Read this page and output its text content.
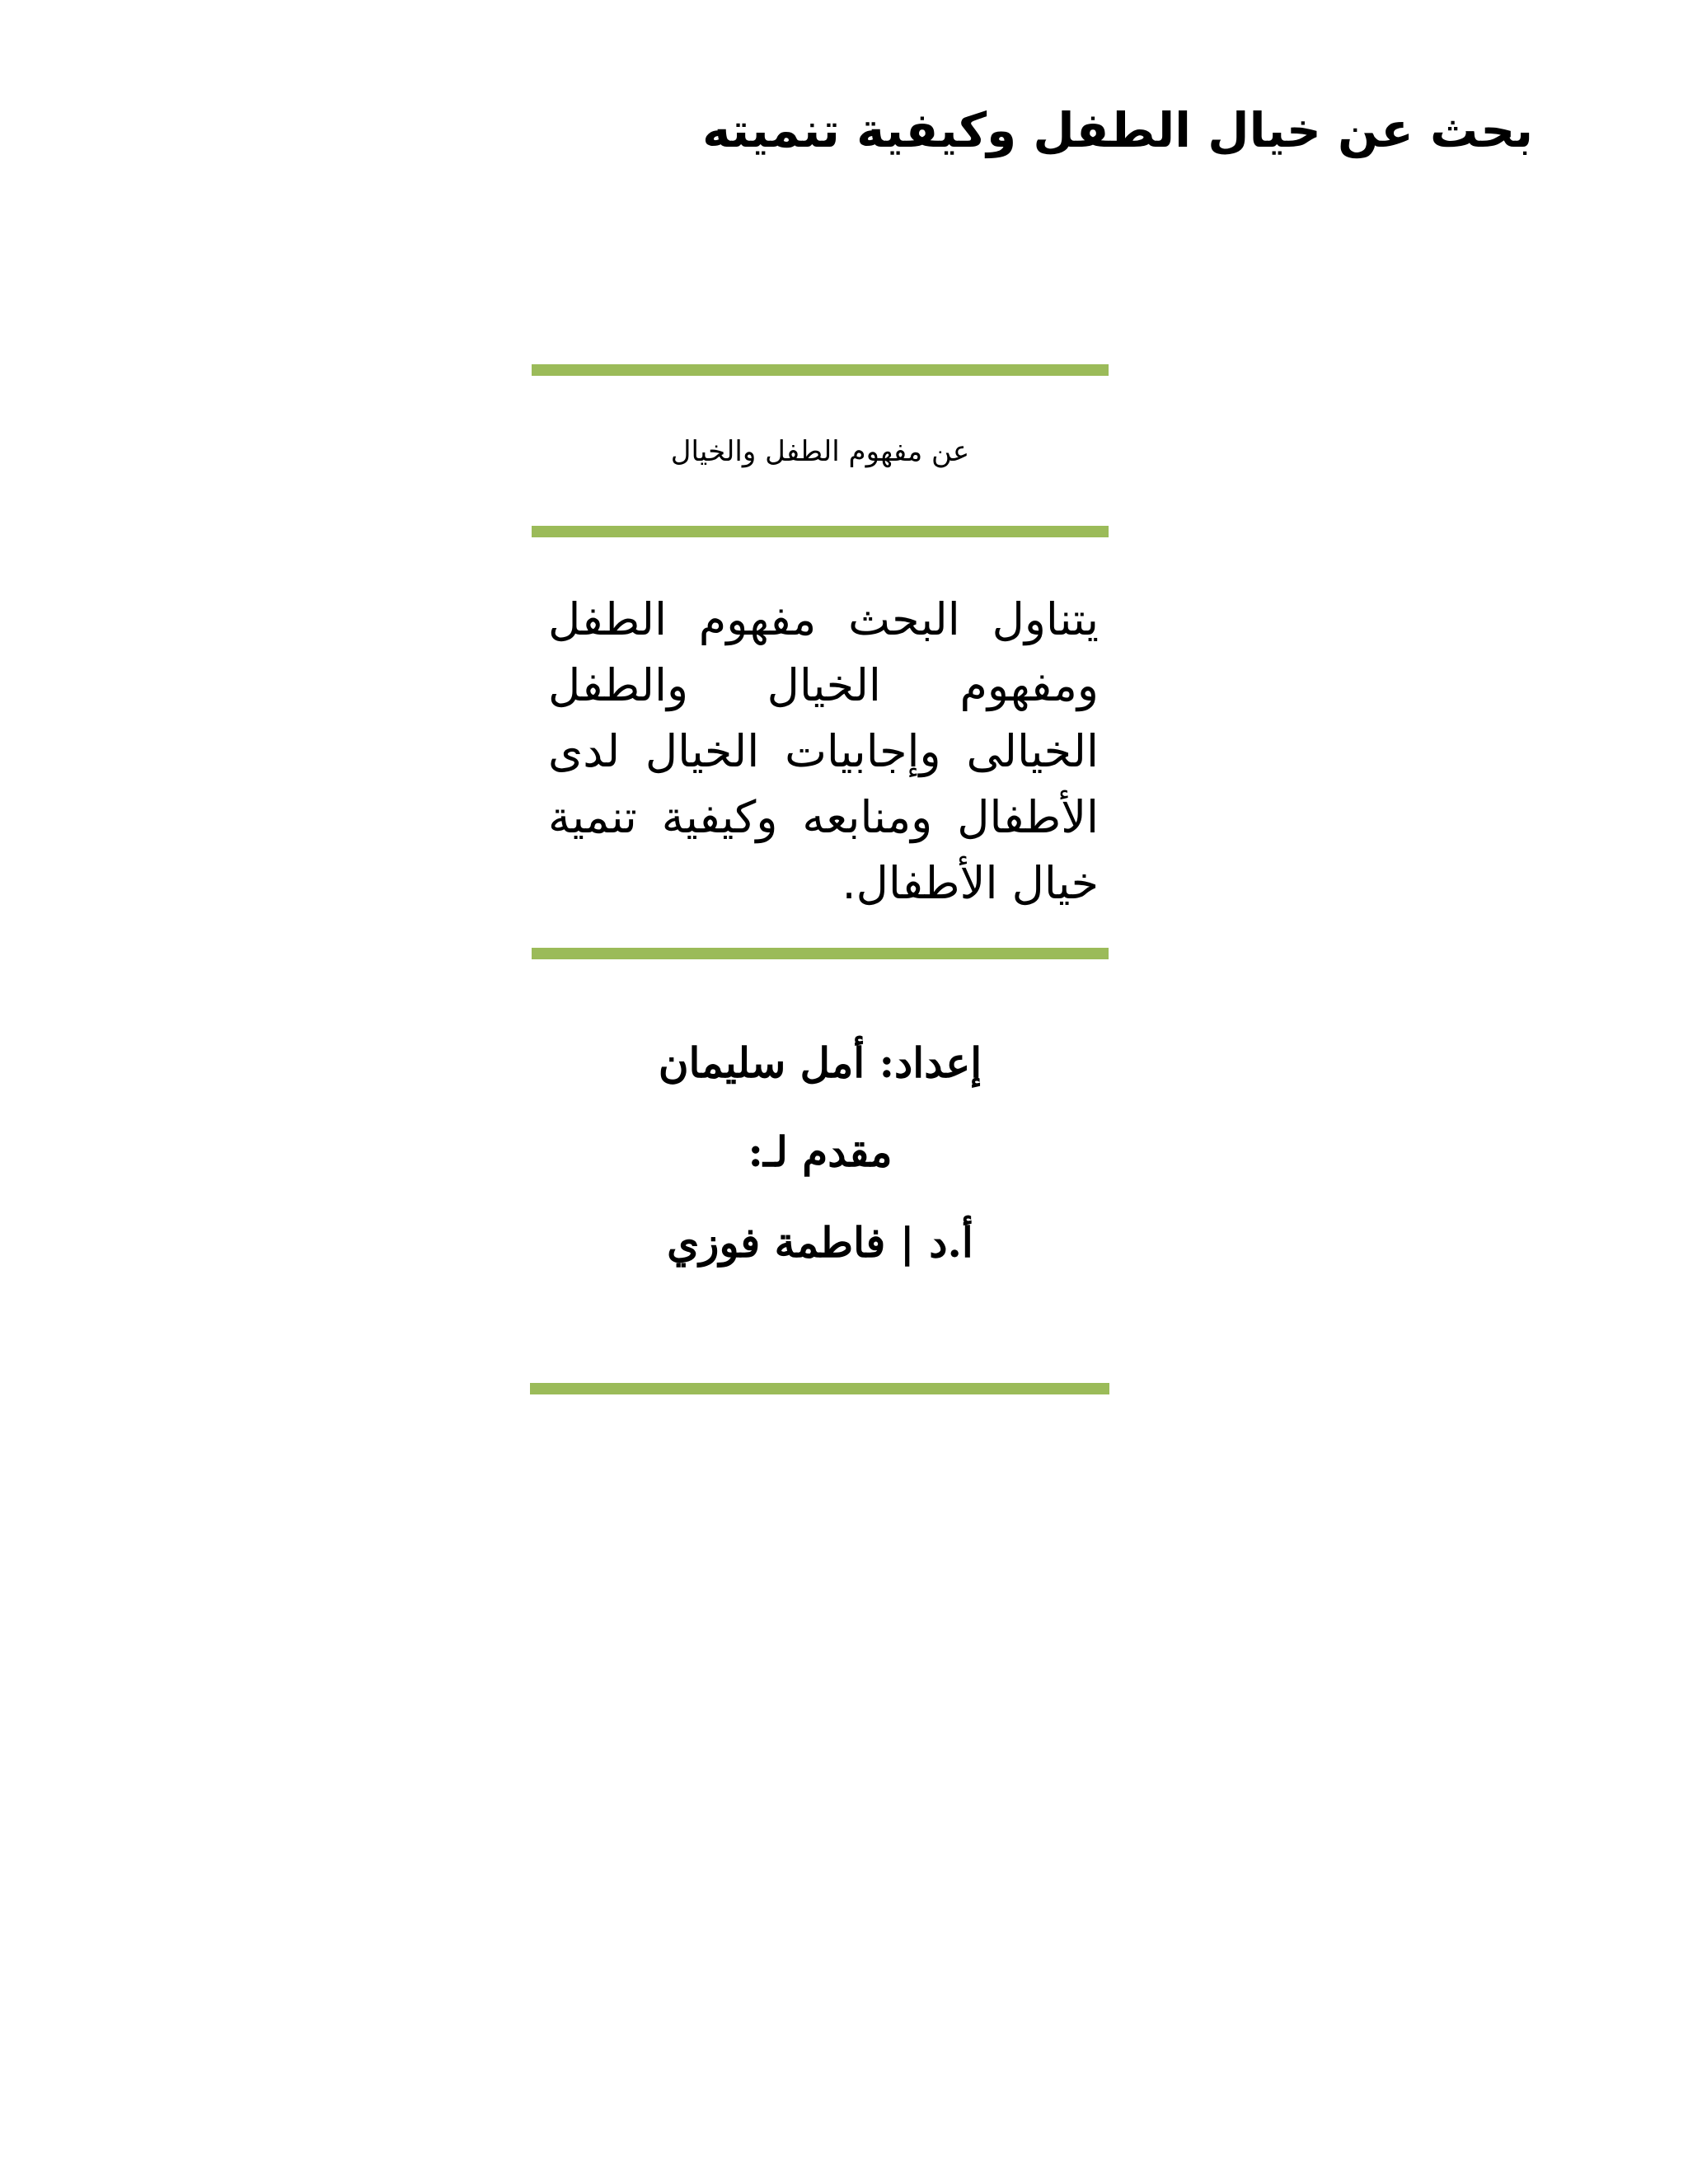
بحث عن خيال الطفل وكيفية تنميته
عن مفهوم الطفل والخيال

يتناول البحث مفهوم الطفل ومفهوم الخيال والطفل الخيالى وإجابيات الخيال لدى الأطفال ومنابعه وكيفية تنمية خيال الأطفال.

إعداد: أمل سليمان
مقدم لـ:
أ.د | فاطمة فوزي
